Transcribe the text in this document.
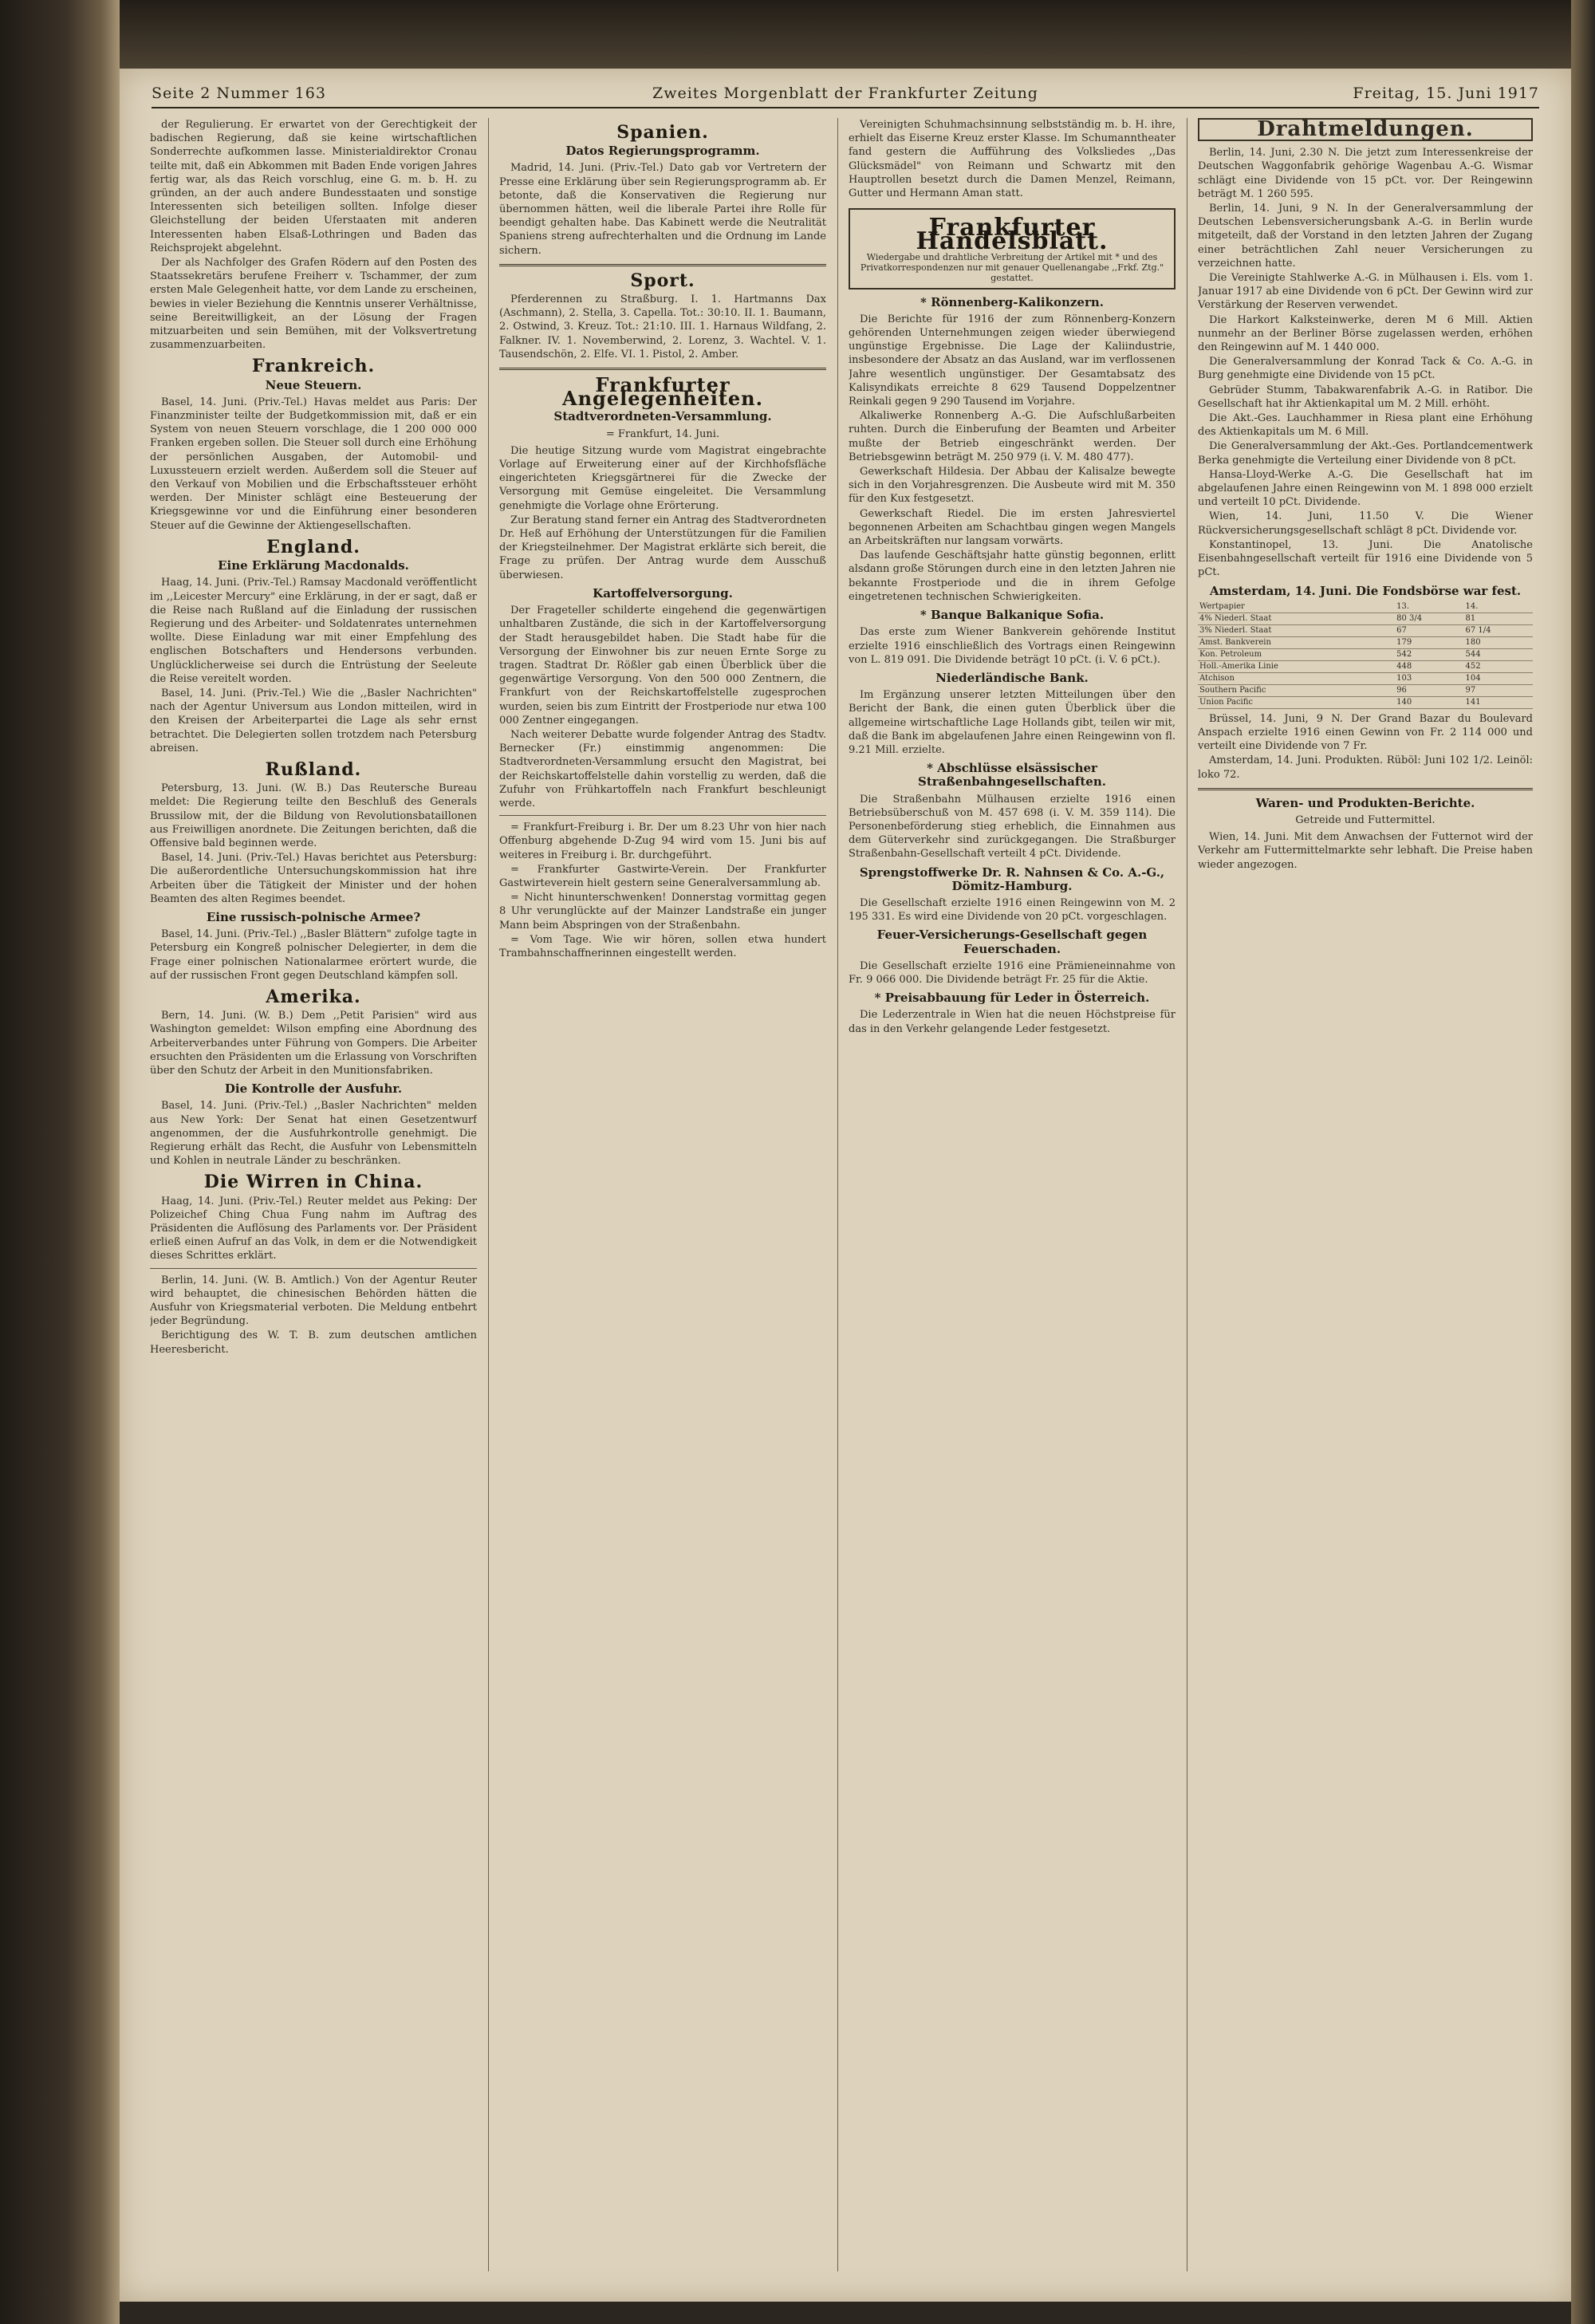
Seite 2 Nummer 163	Zweites Morgenblatt der Frankfurter Zeitung	Freitag, 15. Juni 1917

der Regulierung. Er erwartet von der Gerechtigkeit der badischen Regierung, daß sie keine wirtschaftlichen Sonderrechte aufkommen lasse. Ministerialdirektor Cronau teilte mit, daß ein Abkommen mit Baden Ende vorigen Jahres fertig war, als das Reich vorschlug, eine G. m. b. H. zu gründen, an der auch andere Bundesstaaten und sonstige Interessenten sich beteiligen sollten. Infolge dieser Gleichstellung der beiden Uferstaaten mit anderen Interessenten haben Elsaß-Lothringen und Baden das Reichsprojekt abgelehnt.

Der als Nachfolger des Grafen Rödern auf den Posten des Staatssekretärs berufene Freiherr v. Tschammer, der zum ersten Male Gelegenheit hatte, vor dem Lande zu erscheinen, bewies in vieler Beziehung die Kenntnis unserer Verhältnisse, seine Bereitwilligkeit, an der Lösung der Fragen mitzuarbeiten und sein Bemühen, mit der Volksvertretung zusammenzuarbeiten.

Frankreich.
Neue Steuern.

Basel, 14. Juni. (Priv.-Tel.) Havas meldet aus Paris: Der Finanzminister teilte der Budgetkommission mit, daß er ein System von neuen Steuern vorschlage, die 1 200 000 000 Franken ergeben sollen. Die Steuer soll durch eine Erhöhung der persönlichen Ausgaben, der Automobil- und Luxussteuern erzielt werden. Außerdem soll die Steuer auf den Verkauf von Mobilien und die Erbschaftssteuer erhöht werden. Der Minister schlägt eine Besteuerung der Kriegsgewinne vor und die Einführung einer besonderen Steuer auf die Gewinne der Aktiengesellschaften.

England.
Eine Erklärung Macdonalds.

Haag, 14. Juni. (Priv.-Tel.) Ramsay Macdonald veröffentlicht im ,,Leicester Mercury" eine Erklärung, in der er sagt, daß er die Reise nach Rußland auf die Einladung der russischen Regierung und des Arbeiter- und Soldatenrates unternehmen wollte. Diese Einladung war mit einer Empfehlung des englischen Botschafters und Hendersons verbunden. Unglücklicherweise sei durch die Entrüstung der Seeleute die Reise vereitelt worden.

Basel, 14. Juni. (Priv.-Tel.) Wie die ,,Basler Nachrichten" nach der Agentur Universum aus London mitteilen, wird in den Kreisen der Arbeiterpartei die Lage als sehr ernst betrachtet. Die Delegierten sollen trotzdem nach Petersburg abreisen.

Rußland.

Petersburg, 13. Juni. (W. B.) Das Reutersche Bureau meldet: Die Regierung teilte den Beschluß des Generals Brussilow mit, der die Bildung von Revolutionsbataillonen aus Freiwilligen anordnete. Die Zeitungen berichten, daß die Offensive bald beginnen werde.

Basel, 14. Juni. (Priv.-Tel.) Havas berichtet aus Petersburg: Die außerordentliche Untersuchungskommission hat ihre Arbeiten über die Tätigkeit der Minister und der hohen Beamten des alten Regimes beendet.

Eine russisch-polnische Armee?

Basel, 14. Juni. (Priv.-Tel.) ,,Basler Blättern" zufolge tagte in Petersburg ein Kongreß polnischer Delegierter, in dem die Frage einer polnischen Nationalarmee erörtert wurde, die auf der russischen Front gegen Deutschland kämpfen soll.

Amerika.

Bern, 14. Juni. (W. B.) Dem ,,Petit Parisien" wird aus Washington gemeldet: Wilson empfing eine Abordnung des Arbeiterverbandes unter Führung von Gompers. Die Arbeiter ersuchten den Präsidenten um die Erlassung von Vorschriften über den Schutz der Arbeit in den Munitionsfabriken.

Die Kontrolle der Ausfuhr.

Basel, 14. Juni. (Priv.-Tel.) ,,Basler Nachrichten" melden aus New York: Der Senat hat einen Gesetzentwurf angenommen, der die Ausfuhrkontrolle genehmigt. Die Regierung erhält das Recht, die Ausfuhr von Lebensmitteln und Kohlen in neutrale Länder zu beschränken.

Die Wirren in China.

Haag, 14. Juni. (Priv.-Tel.) Reuter meldet aus Peking: Der Polizeichef Ching Chua Fung nahm im Auftrag des Präsidenten die Auflösung des Parlaments vor. Der Präsident erließ einen Aufruf an das Volk, in dem er die Notwendigkeit dieses Schrittes erklärt.

Berlin, 14. Juni. (W. B. Amtlich.) Von der Agentur Reuter wird behauptet, die chinesischen Behörden hätten die Ausfuhr von Kriegsmaterial verboten. Die Meldung entbehrt jeder Begründung.

Berichtigung des W. T. B. zum deutschen amtlichen Heeresbericht.

Spanien.
Datos Regierungsprogramm.

Madrid, 14. Juni. (Priv.-Tel.) Dato gab vor Vertretern der Presse eine Erklärung über sein Regierungsprogramm ab. Er betonte, daß die Konservativen die Regierung nur übernommen hätten, weil die liberale Partei ihre Rolle für beendigt gehalten habe. Das Kabinett werde die Neutralität Spaniens streng aufrechterhalten und die Ordnung im Lande sichern.

Sport.

Pferderennen zu Straßburg. I. 1. Hartmanns Dax (Aschmann), 2. Stella, 3. Capella. Tot.: 30:10. II. 1. Baumann, 2. Ostwind, 3. Kreuz. Tot.: 21:10. III. 1. Harnaus Wildfang, 2. Falkner. IV. 1. Novemberwind, 2. Lorenz, 3. Wachtel. V. 1. Tausendschön, 2. Elfe. VI. 1. Pistol, 2. Amber.

Frankfurter Angelegenheiten.
Stadtverordneten-Versammlung.
= Frankfurt, 14. Juni.

Die heutige Sitzung wurde vom Magistrat eingebrachte Vorlage auf Erweiterung einer auf der Kirchhofsfläche eingerichteten Kriegsgärtnerei für die Zwecke der Versorgung mit Gemüse eingeleitet. Die Versammlung genehmigte die Vorlage ohne Erörterung.

Zur Beratung stand ferner ein Antrag des Stadtverordneten Dr. Heß auf Erhöhung der Unterstützungen für die Familien der Kriegsteilnehmer. Der Magistrat erklärte sich bereit, die Frage zu prüfen. Der Antrag wurde dem Ausschuß überwiesen.

Kartoffelversorgung.

Der Frageteller schilderte eingehend die gegenwärtigen unhaltbaren Zustände, die sich in der Kartoffelversorgung der Stadt herausgebildet haben. Die Stadt habe für die Versorgung der Einwohner bis zur neuen Ernte Sorge zu tragen. Stadtrat Dr. Rößler gab einen Überblick über die gegenwärtige Versorgung. Von den 500 000 Zentnern, die Frankfurt von der Reichskartoffelstelle zugesprochen wurden, seien bis zum Eintritt der Frostperiode nur etwa 100 000 Zentner eingegangen.

Nach weiterer Debatte wurde folgender Antrag des Stadtv. Bernecker (Fr.) einstimmig angenommen: Die Stadtverordneten-Versammlung ersucht den Magistrat, bei der Reichskartoffelstelle dahin vorstellig zu werden, daß die Zufuhr von Frühkartoffeln nach Frankfurt beschleunigt werde.

= Frankfurt-Freiburg i. Br. Der um 8.23 Uhr von hier nach Offenburg abgehende D-Zug 94 wird vom 15. Juni bis auf weiteres in Freiburg i. Br. durchgeführt.

= Frankfurter Gastwirte-Verein. Der Frankfurter Gastwirteverein hielt gestern seine Generalversammlung ab.

= Nicht hinunterschwenken! Donnerstag vormittag gegen 8 Uhr verunglückte auf der Mainzer Landstraße ein junger Mann beim Abspringen von der Straßenbahn.

= Vom Tage. Wie wir hören, sollen etwa hundert Trambahnschaffnerinnen eingestellt werden.

Vereinigten Schuhmachsinnung selbstständig m. b. H. ihre, erhielt das Eiserne Kreuz erster Klasse. Im Schumanntheater fand gestern die Aufführung des Volksliedes ,,Das Glücksmädel" von Reimann und Schwartz mit den Hauptrollen besetzt durch die Damen Menzel, Reimann, Gutter und Hermann Aman statt.

Frankfurter Handelsblatt.
Wiedergabe und drahtliche Verbreitung der Artikel mit * und des Privatkorrespondenzen nur mit genauer Quellenangabe ,,Frkf. Ztg." gestattet.
* Rönnenberg-Kalikonzern.

Die Berichte für 1916 der zum Rönnenberg-Konzern gehörenden Unternehmungen zeigen wieder überwiegend ungünstige Ergebnisse. Die Lage der Kaliindustrie, insbesondere der Absatz an das Ausland, war im verflossenen Jahre wesentlich ungünstiger. Der Gesamtabsatz des Kalisyndikats erreichte 8 629 Tausend Doppelzentner Reinkali gegen 9 290 Tausend im Vorjahre.

Alkaliwerke Ronnenberg A.-G. Die Aufschlußarbeiten ruhten. Durch die Einberufung der Beamten und Arbeiter mußte der Betrieb eingeschränkt werden. Der Betriebsgewinn beträgt M. 250 979 (i. V. M. 480 477).

Gewerkschaft Hildesia. Der Abbau der Kalisalze bewegte sich in den Vorjahresgrenzen. Die Ausbeute wird mit M. 350 für den Kux festgesetzt.

Gewerkschaft Riedel. Die im ersten Jahresviertel begonnenen Arbeiten am Schachtbau gingen wegen Mangels an Arbeitskräften nur langsam vorwärts.

Das laufende Geschäftsjahr hatte günstig begonnen, erlitt alsdann große Störungen durch eine in den letzten Jahren nie bekannte Frostperiode und die in ihrem Gefolge eingetretenen technischen Schwierigkeiten.

* Banque Balkanique Sofia.

Das erste zum Wiener Bankverein gehörende Institut erzielte 1916 einschließlich des Vortrags einen Reingewinn von L. 819 091. Die Dividende beträgt 10 pCt. (i. V. 6 pCt.).

Niederländische Bank.

Im Ergänzung unserer letzten Mitteilungen über den Bericht der Bank, die einen guten Überblick über die allgemeine wirtschaftliche Lage Hollands gibt, teilen wir mit, daß die Bank im abgelaufenen Jahre einen Reingewinn von fl. 9.21 Mill. erzielte.

* Abschlüsse elsässischer Straßenbahngesellschaften.

Die Straßenbahn Mülhausen erzielte 1916 einen Betriebsüberschuß von M. 457 698 (i. V. M. 359 114). Die Personenbeförderung stieg erheblich, die Einnahmen aus dem Güterverkehr sind zurückgegangen. Die Straßburger Straßenbahn-Gesellschaft verteilt 4 pCt. Dividende.

Sprengstoffwerke Dr. R. Nahnsen & Co. A.-G., Dömitz-Hamburg.

Die Gesellschaft erzielte 1916 einen Reingewinn von M. 2 195 331. Es wird eine Dividende von 20 pCt. vorgeschlagen.

Feuer-Versicherungs-Gesellschaft gegen Feuerschaden.

Die Gesellschaft erzielte 1916 eine Prämieneinnahme von Fr. 9 066 000. Die Dividende beträgt Fr. 25 für die Aktie.

* Preisabbauung für Leder in Österreich.

Die Lederzentrale in Wien hat die neuen Höchstpreise für das in den Verkehr gelangende Leder festgesetzt.

Drahtmeldungen.

Berlin, 14. Juni, 2.30 N. Die jetzt zum Interessenkreise der Deutschen Waggonfabrik gehörige Wagenbau A.-G. Wismar schlägt eine Dividende von 15 pCt. vor. Der Reingewinn beträgt M. 1 260 595.

Berlin, 14. Juni, 9 N. In der Generalversammlung der Deutschen Lebensversicherungsbank A.-G. in Berlin wurde mitgeteilt, daß der Vorstand in den letzten Jahren der Zugang einer beträchtlichen Zahl neuer Versicherungen zu verzeichnen hatte.

Die Vereinigte Stahlwerke A.-G. in Mülhausen i. Els. vom 1. Januar 1917 ab eine Dividende von 6 pCt. Der Gewinn wird zur Verstärkung der Reserven verwendet.

Die Harkort Kalksteinwerke, deren M 6 Mill. Aktien nunmehr an der Berliner Börse zugelassen werden, erhöhen den Reingewinn auf M. 1 440 000.

Die Generalversammlung der Konrad Tack & Co. A.-G. in Burg genehmigte eine Dividende von 15 pCt.

Gebrüder Stumm, Tabakwarenfabrik A.-G. in Ratibor. Die Gesellschaft hat ihr Aktienkapital um M. 2 Mill. erhöht.

Die Akt.-Ges. Lauchhammer in Riesa plant eine Erhöhung des Aktienkapitals um M. 6 Mill.

Die Generalversammlung der Akt.-Ges. Portlandcementwerk Berka genehmigte die Verteilung einer Dividende von 8 pCt.

Hansa-Lloyd-Werke A.-G. Die Gesellschaft hat im abgelaufenen Jahre einen Reingewinn von M. 1 898 000 erzielt und verteilt 10 pCt. Dividende.

Wien, 14. Juni, 11.50 V. Die Wiener Rückversicherungsgesellschaft schlägt 8 pCt. Dividende vor.

Konstantinopel, 13. Juni. Die Anatolische Eisenbahngesellschaft verteilt für 1916 eine Dividende von 5 pCt.

Amsterdam, 14. Juni. Die Fondsbörse war fest.
Wertpapier	13.	14.
4% Niederl. Staat	80 3/4	81
3% Niederl. Staat	67	67 1/4
Amst. Bankverein	179	180
Kon. Petroleum	542	544
Holl.-Amerika Linie	448	452
Atchison	103	104
Southern Pacific	96	97
Union Pacific	140	141

Brüssel, 14. Juni, 9 N. Der Grand Bazar du Boulevard Anspach erzielte 1916 einen Gewinn von Fr. 2 114 000 und verteilt eine Dividende von 7 Fr.

Amsterdam, 14. Juni. Produkten. Rüböl: Juni 102 1/2. Leinöl: loko 72.

Waren- und Produkten-Berichte.
Getreide und Futtermittel.

Wien, 14. Juni. Mit dem Anwachsen der Futternot wird der Verkehr am Futtermittelmarkte sehr lebhaft. Die Preise haben wieder angezogen.
